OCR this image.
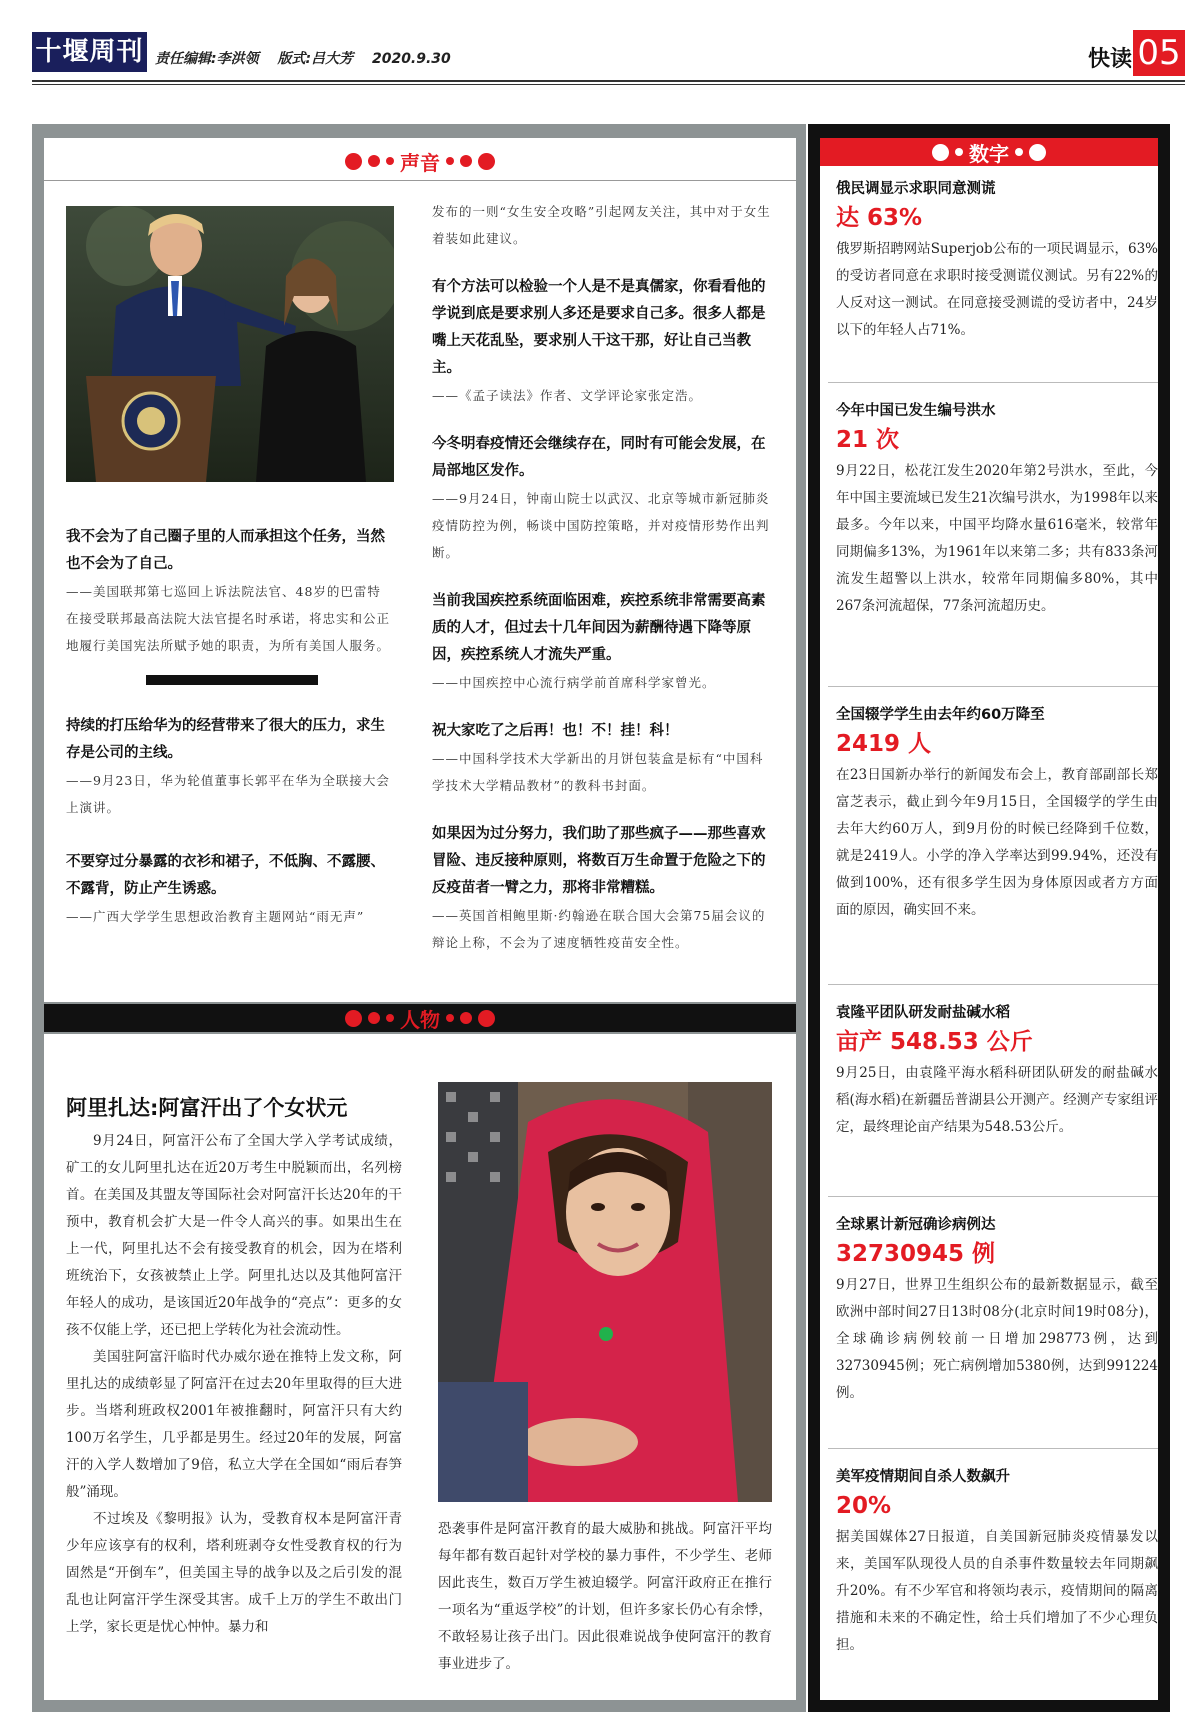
十堰周刊 责任编辑:李洪领 版式:吕大芳 2020.9.30	快读 05
声音
我不会为了自己圈子里的人而承担这个任务，当然也不会为了自己。
——美国联邦第七巡回上诉法院法官、48岁的巴雷特在接受联邦最高法院大法官提名时承诺，将忠实和公正地履行美国宪法所赋予她的职责，为所有美国人服务。
持续的打压给华为的经营带来了很大的压力，求生存是公司的主线。
——9月23日，华为轮值董事长郭平在华为全联接大会上演讲。
不要穿过分暴露的衣衫和裙子，不低胸、不露腰、不露背，防止产生诱惑。
——广西大学学生思想政治教育主题网站“雨无声”
发布的一则“女生安全攻略”引起网友关注，其中对于女生着装如此建议。
有个方法可以检验一个人是不是真儒家，你看看他的学说到底是要求别人多还是要求自己多。很多人都是嘴上天花乱坠，要求别人干这干那，好让自己当教主。
——《孟子读法》作者、文学评论家张定浩。
今冬明春疫情还会继续存在，同时有可能会发展，在局部地区发作。
——9月24日，钟南山院士以武汉、北京等城市新冠肺炎疫情防控为例，畅谈中国防控策略，并对疫情形势作出判断。
当前我国疾控系统面临困难，疾控系统非常需要高素质的人才，但过去十几年间因为薪酬待遇下降等原因，疾控系统人才流失严重。
——中国疾控中心流行病学前首席科学家曾光。
祝大家吃了之后再！也！不！挂！科！
——中国科学技术大学新出的月饼包装盒是标有“中国科学技术大学精品教材”的教科书封面。
如果因为过分努力，我们助了那些疯子——那些喜欢冒险、违反接种原则，将数百万生命置于危险之下的反疫苗者一臂之力，那将非常糟糕。
——英国首相鲍里斯·约翰逊在联合国大会第75届会议的辩论上称，不会为了速度牺牲疫苗安全性。
人物
阿里扎达:阿富汗出了个女状元

9月24日，阿富汗公布了全国大学入学考试成绩，矿工的女儿阿里扎达在近20万考生中脱颖而出，名列榜首。在美国及其盟友等国际社会对阿富汗长达20年的干预中，教育机会扩大是一件令人高兴的事。如果出生在上一代，阿里扎达不会有接受教育的机会，因为在塔利班统治下，女孩被禁止上学。阿里扎达以及其他阿富汗年轻人的成功，是该国近20年战争的“亮点”：更多的女孩不仅能上学，还已把上学转化为社会流动性。

美国驻阿富汗临时代办威尔逊在推特上发文称，阿里扎达的成绩彰显了阿富汗在过去20年里取得的巨大进步。当塔利班政权2001年被推翻时，阿富汗只有大约100万名学生，几乎都是男生。经过20年的发展，阿富汗的入学人数增加了9倍，私立大学在全国如“雨后春笋般”涌现。

不过埃及《黎明报》认为，受教育权本是阿富汗青少年应该享有的权利，塔利班剥夺女性受教育权的行为固然是“开倒车”，但美国主导的战争以及之后引发的混乱也让阿富汗学生深受其害。成千上万的学生不敢出门上学，家长更是忧心忡忡。暴力和

恐袭事件是阿富汗教育的最大威胁和挑战。阿富汗平均每年都有数百起针对学校的暴力事件，不少学生、老师因此丧生，数百万学生被迫辍学。阿富汗政府正在推行一项名为“重返学校”的计划，但许多家长仍心有余悸，不敢轻易让孩子出门。因此很难说战争使阿富汗的教育事业进步了。

数字
俄民调显示求职同意测谎
达 63%
俄罗斯招聘网站Superjob公布的一项民调显示，63%的受访者同意在求职时接受测谎仪测试。另有22%的人反对这一测试。在同意接受测谎的受访者中，24岁以下的年轻人占71%。
今年中国已发生编号洪水
21 次
9月22日，松花江发生2020年第2号洪水，至此，今年中国主要流域已发生21次编号洪水，为1998年以来最多。今年以来，中国平均降水量616毫米，较常年同期偏多13%，为1961年以来第二多；共有833条河流发生超警以上洪水，较常年同期偏多80%，其中267条河流超保，77条河流超历史。
全国辍学学生由去年约60万降至
2419 人
在23日国新办举行的新闻发布会上，教育部副部长郑富芝表示，截止到今年9月15日，全国辍学的学生由去年大约60万人，到9月份的时候已经降到千位数，就是2419人。小学的净入学率达到99.94%，还没有做到100%，还有很多学生因为身体原因或者方方面面的原因，确实回不来。
袁隆平团队研发耐盐碱水稻
亩产 548.53 公斤
9月25日，由袁隆平海水稻科研团队研发的耐盐碱水稻(海水稻)在新疆岳普湖县公开测产。经测产专家组评定，最终理论亩产结果为548.53公斤。
全球累计新冠确诊病例达
32730945 例
9月27日，世界卫生组织公布的最新数据显示，截至欧洲中部时间27日13时08分(北京时间19时08分)，全球确诊病例较前一日增加298773例，达到32730945例；死亡病例增加5380例，达到991224例。
美军疫情期间自杀人数飙升
20%
据美国媒体27日报道，自美国新冠肺炎疫情暴发以来，美国军队现役人员的自杀事件数量较去年同期飙升20%。有不少军官和将领均表示，疫情期间的隔离措施和未来的不确定性，给士兵们增加了不少心理负担。
